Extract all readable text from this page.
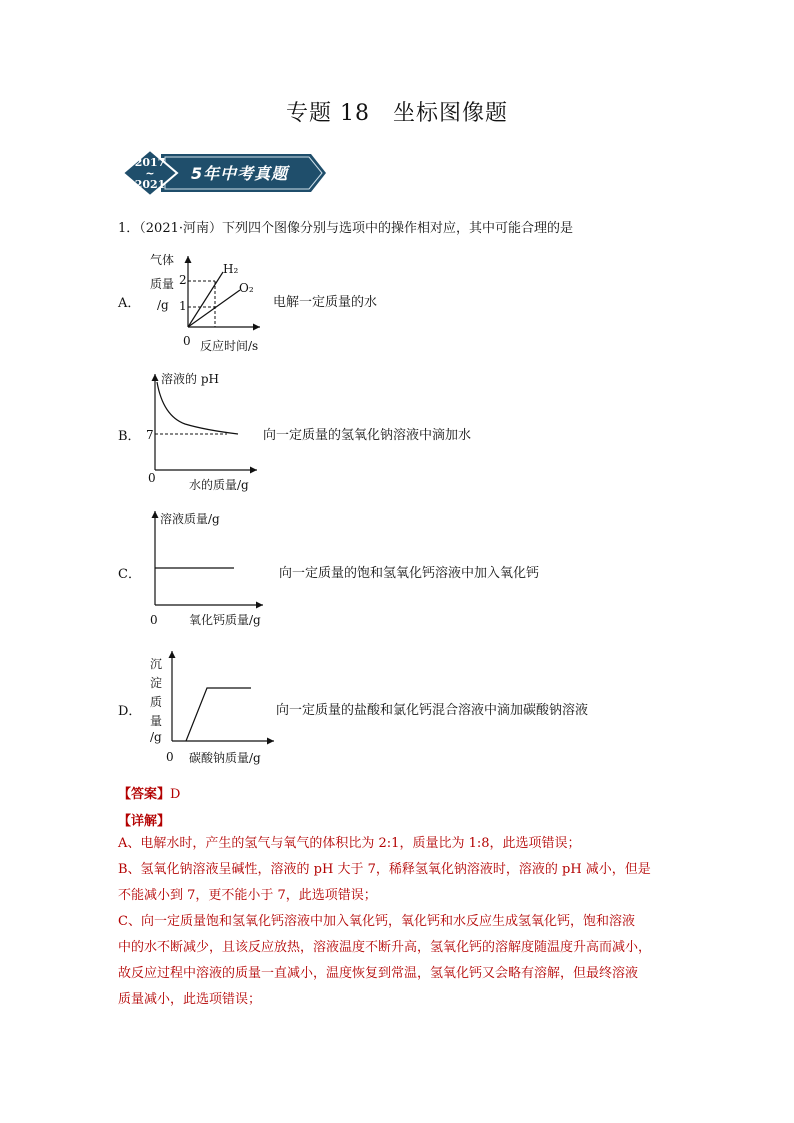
专题 18　坐标图像题
2017
~
2021
5年中考真题
1．（2021·河南）下列四个图像分别与选项中的操作相对应，其中可能合理的是
A．
气体
质量
/g
2
1
H₂
O₂
0 反应时间/s
电解一定质量的水
B．
溶液的 pH
7
0	水的质量/g
向一定质量的氢氧化钠溶液中滴加水
C．
溶液质量/g
0	氧化钙质量/g
向一定质量的饱和氢氧化钙溶液中加入氧化钙
D．
沉
淀
质
量
/g
0 碳酸钠质量/g
向一定质量的盐酸和氯化钙混合溶液中滴加碳酸钠溶液
【答案】D
【详解】
A、电解水时，产生的氢气与氧气的体积比为 2:1，质量比为 1:8，此选项错误；
B、氢氧化钠溶液呈碱性，溶液的 pH 大于 7，稀释氢氧化钠溶液时，溶液的 pH 减小，但是
不能减小到 7，更不能小于 7，此选项错误；
C、向一定质量饱和氢氧化钙溶液中加入氧化钙，氧化钙和水反应生成氢氧化钙，饱和溶液
中的水不断减少，且该反应放热，溶液温度不断升高，氢氧化钙的溶解度随温度升高而减小，
故反应过程中溶液的质量一直减小，温度恢复到常温，氢氧化钙又会略有溶解，但最终溶液
质量减小，此选项错误；
